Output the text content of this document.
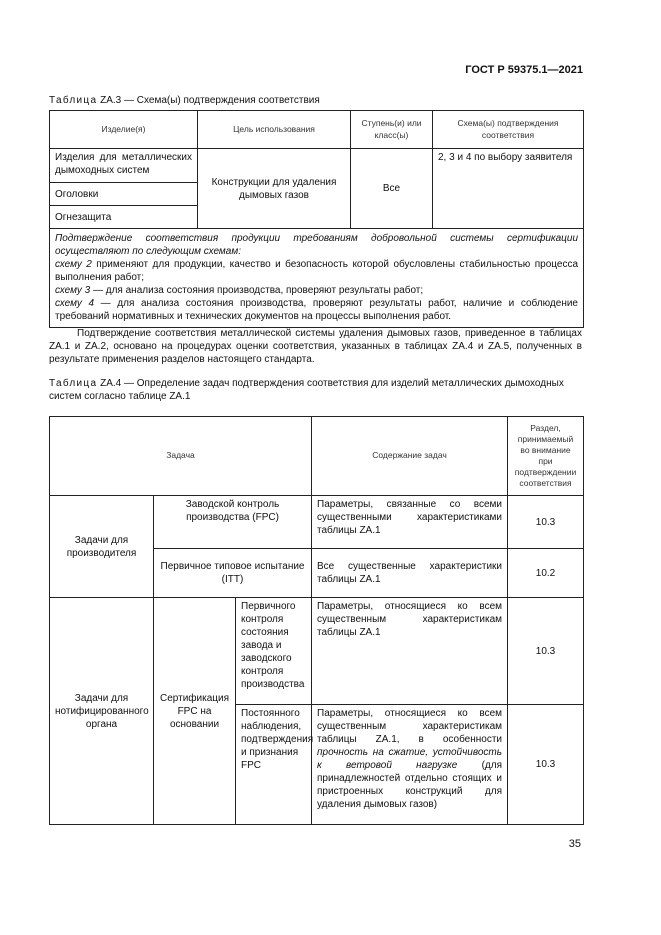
ГОСТ Р 59375.1—2021
Таблица ZA.3 — Схема(ы) подтверждения соответствия
Изделие(я)	Цель использования	Ступень(и) или класс(ы)	Схема(ы) подтверждения соответствия
Изделия для металлических дымоходных систем	Конструкции для удаления дымовых газов	Все	2, 3 и 4 по выбору заявителя
Оголовки			
Огнезащита			
Подтверждение соответствия продукции требованиям добровольной системы сертификации осуществляют по следующим схемам:
схему 2 применяют для продукции, качество и безопасность которой обусловлены стабильностью процесса выполнения работ;
схему 3 — для анализа состояния производства, проверяют результаты работ;
схему 4 — для анализа состояния производства, проверяют результаты работ, наличие и соблюдение требований нормативных и технических документов на процессы выполнения работ.			
Подтверждение соответствия металлической системы удаления дымовых газов, приведенное в таблицах ZA.1 и ZA.2, основано на процедурах оценки соответствия, указанных в таблицах ZA.4 и ZA.5, полученных в результате применения разделов настоящего стандарта.
Таблица ZA.4 — Определение задач подтверждения соответствия для изделий металлических дымоходных систем согласно таблице ZA.1
Задача			Содержание задач	Раздел, принимаемый во внимание при подтверждении соответствия
Задачи для производителя	Заводской контроль производства (FPC)		Параметры, связанные со всеми существенными характеристиками таблицы ZA.1	10.3
	Первичное типовое испытание (ITT)		Все существенные характеристики таблицы ZA.1	10.2
Задачи для нотифицированного органа	Сертификация FPC на основании	Первичного контроля состояния завода и заводского контроля производства	Параметры, относящиеся ко всем существенным характеристикам таблицы ZA.1	10.3
		Постоянного наблюдения, подтверждения и признания FPC	Параметры, относящиеся ко всем существенным характеристикам таблицы ZA.1, в особенности прочность на сжатие, устойчивость к ветровой нагрузке (для принадлежностей отдельно стоящих и пристроенных конструкций для удаления дымовых газов)	10.3
35
